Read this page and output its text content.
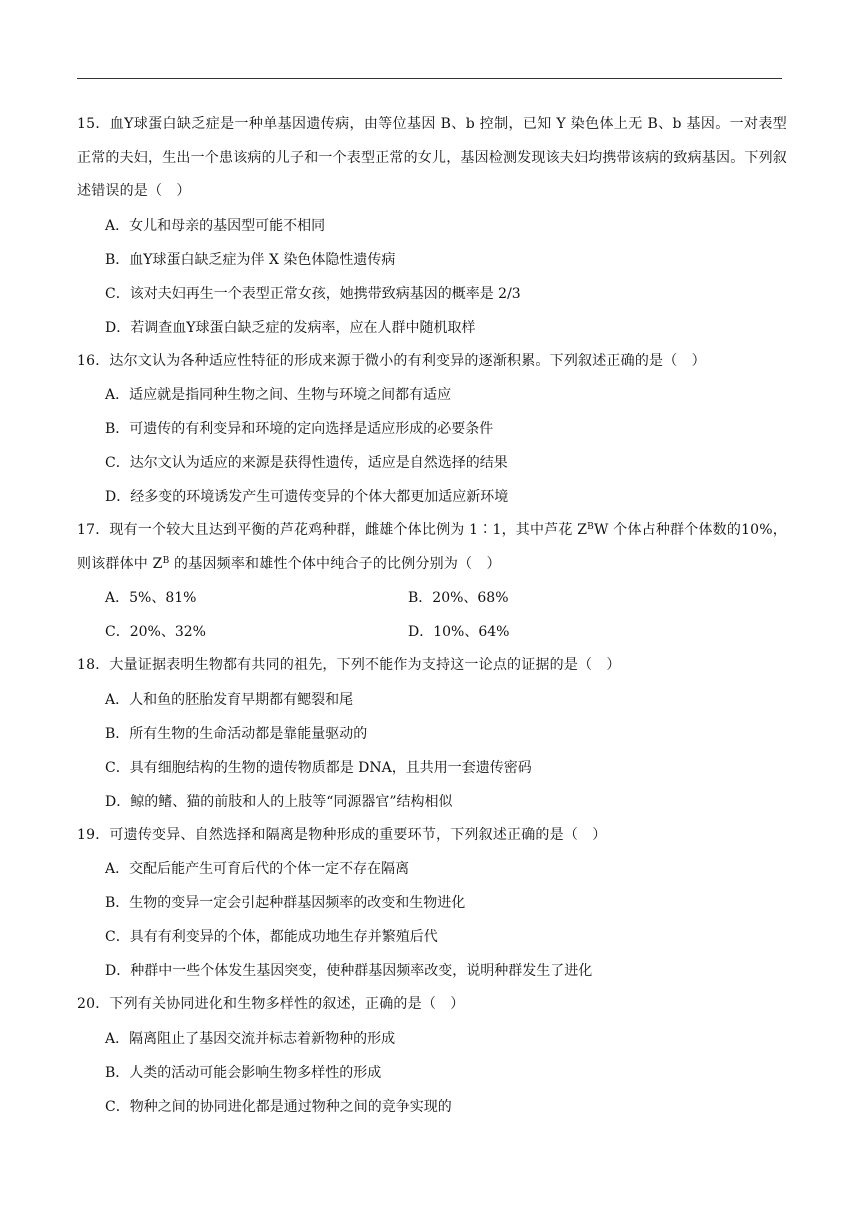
15．血Y球蛋白缺乏症是一种单基因遗传病，由等位基因 B、b 控制，已知 Y 染色体上无 B、b 基因。一对表型正常的夫妇，生出一个患该病的儿子和一个表型正常的女儿，基因检测发现该夫妇均携带该病的致病基因。下列叙述错误的是（　）

A．女儿和母亲的基因型可能不相同

B．血Y球蛋白缺乏症为伴 X 染色体隐性遗传病

C．该对夫妇再生一个表型正常女孩，她携带致病基因的概率是 2/3

D．若调查血Y球蛋白缺乏症的发病率，应在人群中随机取样

16．达尔文认为各种适应性特征的形成来源于微小的有利变异的逐渐积累。下列叙述正确的是（　）

A．适应就是指同种生物之间、生物与环境之间都有适应

B．可遗传的有利变异和环境的定向选择是适应形成的必要条件

C．达尔文认为适应的来源是获得性遗传，适应是自然选择的结果

D．经多变的环境诱发产生可遗传变异的个体大都更加适应新环境

17．现有一个较大且达到平衡的芦花鸡种群，雌雄个体比例为 1∶1，其中芦花 $Z^BW$ 个体占种群个体数的10%，则该群体中 $Z^B$ 的基因频率和雄性个体中纯合子的比例分别为（　）

A．5%、81%	B．20%、68%

C．20%、32%	D．10%、64%

18．大量证据表明生物都有共同的祖先，下列不能作为支持这一论点的证据的是（　）

A．人和鱼的胚胎发育早期都有鳃裂和尾

B．所有生物的生命活动都是靠能量驱动的

C．具有细胞结构的生物的遗传物质都是 DNA，且共用一套遗传密码

D．鲸的鳍、猫的前肢和人的上肢等“同源器官”结构相似

19．可遗传变异、自然选择和隔离是物种形成的重要环节，下列叙述正确的是（　）

A．交配后能产生可育后代的个体一定不存在隔离

B．生物的变异一定会引起种群基因频率的改变和生物进化

C．具有有利变异的个体，都能成功地生存并繁殖后代

D．种群中一些个体发生基因突变，使种群基因频率改变，说明种群发生了进化

20．下列有关协同进化和生物多样性的叙述，正确的是（　）

A．隔离阻止了基因交流并标志着新物种的形成

B．人类的活动可能会影响生物多样性的形成

C．物种之间的协同进化都是通过物种之间的竞争实现的
